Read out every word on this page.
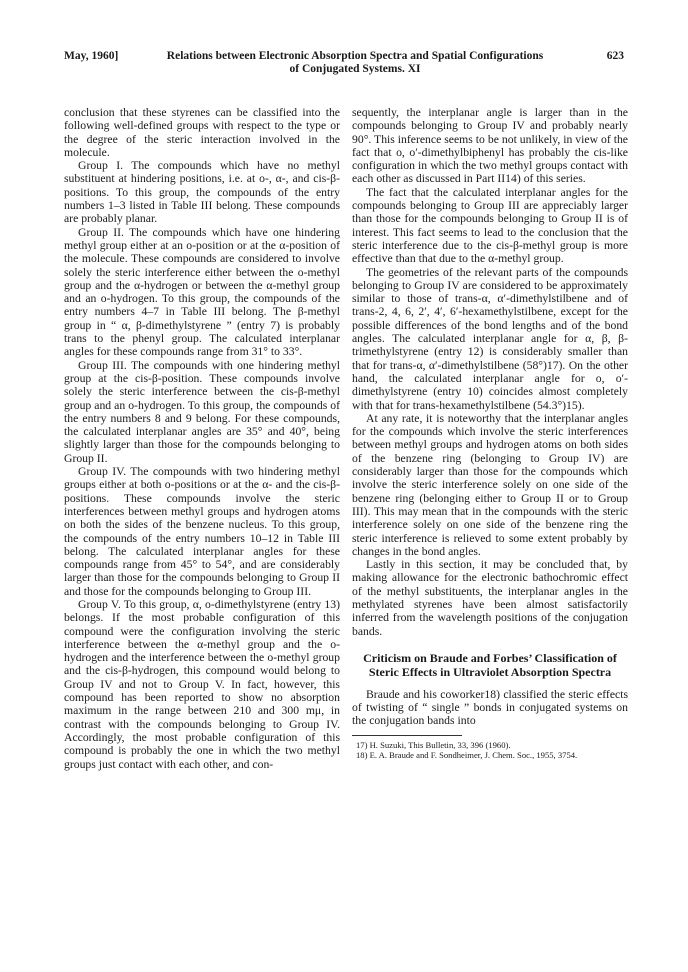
May, 1960]	Relations between Electronic Absorption Spectra and Spatial Configurations
of Conjugated Systems. XI
623

conclusion that these styrenes can be classified into the following well-defined groups with respect to the type or the degree of the steric interaction involved in the molecule.

Group I. The compounds which have no methyl substituent at hindering positions, i.e. at o-, α-, and cis-β-positions. To this group, the compounds of the entry numbers 1–3 listed in Table III belong. These compounds are probably planar.

Group II. The compounds which have one hindering methyl group either at an o-position or at the α-position of the molecule. These compounds are considered to involve solely the steric interference either between the o-methyl group and the α-hydrogen or between the α-methyl group and an o-hydrogen. To this group, the compounds of the entry numbers 4–7 in Table III belong. The β-methyl group in “ α, β-dimethylstyrene ” (entry 7) is probably trans to the phenyl group. The calculated interplanar angles for these compounds range from 31° to 33°.

Group III. The compounds with one hindering methyl group at the cis-β-position. These compounds involve solely the steric interference between the cis-β-methyl group and an o-hydrogen. To this group, the compounds of the entry numbers 8 and 9 belong. For these compounds, the calculated interplanar angles are 35° and 40°, being slightly larger than those for the compounds belonging to Group II.

Group IV. The compounds with two hindering methyl groups either at both o-positions or at the α- and the cis-β-positions. These compounds involve the steric interferences between methyl groups and hydrogen atoms on both the sides of the benzene nucleus. To this group, the compounds of the entry numbers 10–12 in Table III belong. The calculated interplanar angles for these compounds range from 45° to 54°, and are considerably larger than those for the compounds belonging to Group II and those for the compounds belonging to Group III.

Group V. To this group, α, o-dimethylstyrene (entry 13) belongs. If the most probable configuration of this compound were the configuration involving the steric interference between the α-methyl group and the o-hydrogen and the interference between the o-methyl group and the cis-β-hydrogen, this compound would belong to Group IV and not to Group V. In fact, however, this compound has been reported to show no absorption maximum in the range between 210 and 300 mμ, in contrast with the compounds belonging to Group IV. Accordingly, the most probable configuration of this compound is probably the one in which the two methyl groups just contact with each other, and con-

sequently, the interplanar angle is larger than in the compounds belonging to Group IV and probably nearly 90°. This inference seems to be not unlikely, in view of the fact that o, o′-dimethylbiphenyl has probably the cis-like configuration in which the two methyl groups contact with each other as discussed in Part II14) of this series.

The fact that the calculated interplanar angles for the compounds belonging to Group III are appreciably larger than those for the compounds belonging to Group II is of interest. This fact seems to lead to the conclusion that the steric interference due to the cis-β-methyl group is more effective than that due to the α-methyl group.

The geometries of the relevant parts of the compounds belonging to Group IV are considered to be approximately similar to those of trans-α, α′-dimethylstilbene and of trans-2, 4, 6, 2′, 4′, 6′-hexamethylstilbene, except for the possible differences of the bond lengths and of the bond angles. The calculated interplanar angle for α, β, β-trimethylstyrene (entry 12) is considerably smaller than that for trans-α, α′-dimethylstilbene (58°)17). On the other hand, the calculated interplanar angle for o, o′-dimethylstyrene (entry 10) coincides almost completely with that for trans-hexamethylstilbene (54.3°)15).

At any rate, it is noteworthy that the interplanar angles for the compounds which involve the steric interferences between methyl groups and hydrogen atoms on both sides of the benzene ring (belonging to Group IV) are considerably larger than those for the compounds which involve the steric interference solely on one side of the benzene ring (belonging either to Group II or to Group III). This may mean that in the compounds with the steric interference solely on one side of the benzene ring the steric interference is relieved to some extent probably by changes in the bond angles.

Lastly in this section, it may be concluded that, by making allowance for the electronic bathochromic effect of the methyl substituents, the interplanar angles in the methylated styrenes have been almost satisfactorily inferred from the wavelength positions of the conjugation bands.

Criticism on Braude and Forbes’ Classification of Steric Effects in Ultraviolet Absorption Spectra

Braude and his coworker18) classified the steric effects of twisting of “ single ” bonds in conjugated systems on the conjugation bands into

17) H. Suzuki, This Bulletin, 33, 396 (1960).
18) E. A. Braude and F. Sondheimer, J. Chem. Soc., 1955, 3754.
